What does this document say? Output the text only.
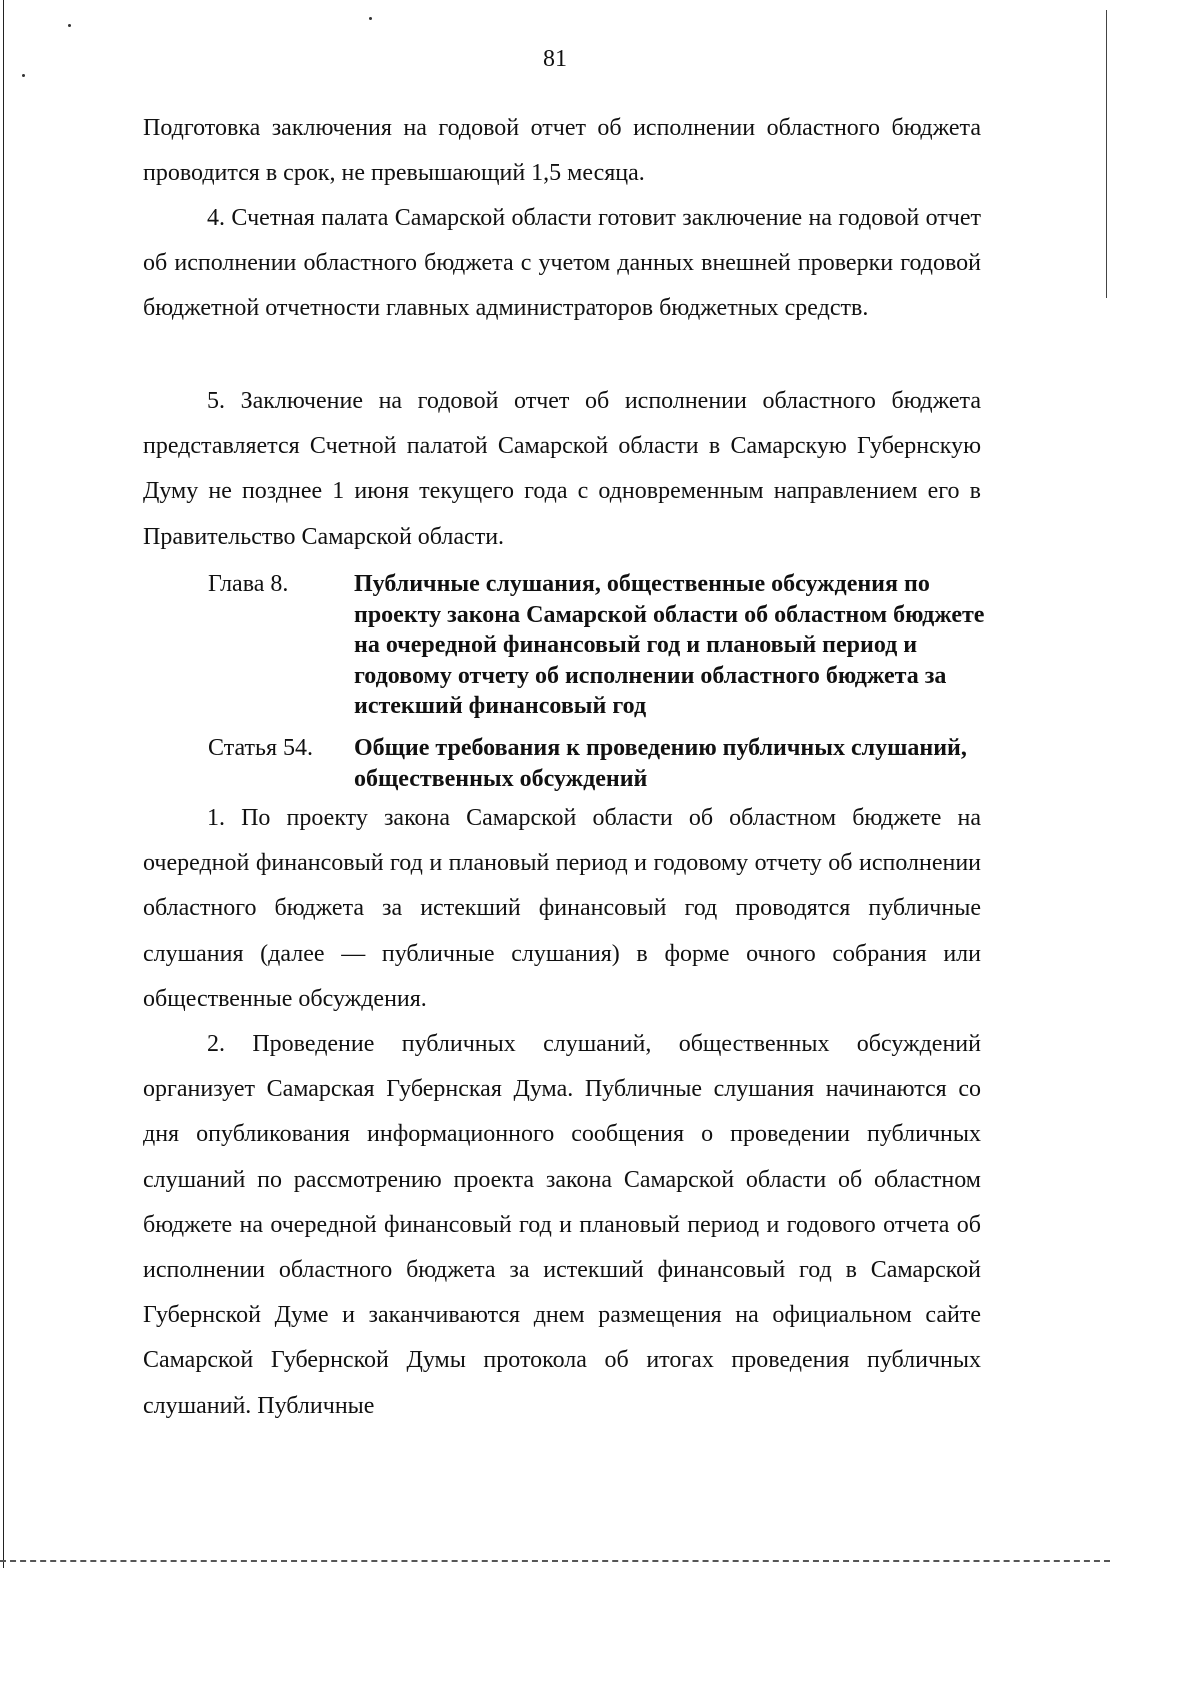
81

Подготовка заключения на годовой отчет об исполнении областного бюджета проводится в срок, не превышающий 1,5 месяца.

4. Счетная палата Самарской области готовит заключение на годовой отчет об исполнении областного бюджета с учетом данных внешней проверки годовой бюджетной отчетности главных администраторов бюджетных средств.

5. Заключение на годовой отчет об исполнении областного бюджета представляется Счетной палатой Самарской области в Самарскую Губернскую Думу не позднее 1 июня текущего года с одновременным направлением его в Правительство Самарской области.

Глава 8.	Публичные слушания, общественные обсуждения по проекту закона Самарской области об областном бюджете на очередной финансовый год и плановый период и годовому отчету об исполнении областного бюджета за истекший финансовый год
Статья 54. Общие требования к проведению публичных слушаний, общественных обсуждений

1. По проекту закона Самарской области об областном бюджете на очередной финансовый год и плановый период и годовому отчету об исполнении областного бюджета за истекший финансовый год проводятся публичные слушания (далее — публичные слушания) в форме очного собрания или общественные обсуждения.

2. Проведение публичных слушаний, общественных обсуждений организует Самарская Губернская Дума. Публичные слушания начинаются со дня опубликования информационного сообщения о проведении публичных слушаний по рассмотрению проекта закона Самарской области об областном бюджете на очередной финансовый год и плановый период и годового отчета об исполнении областного бюджета за истекший финансовый год в Самарской Губернской Думе и заканчиваются днем размещения на официальном сайте Самарской Губернской Думы протокола об итогах проведения публичных слушаний. Публичные
